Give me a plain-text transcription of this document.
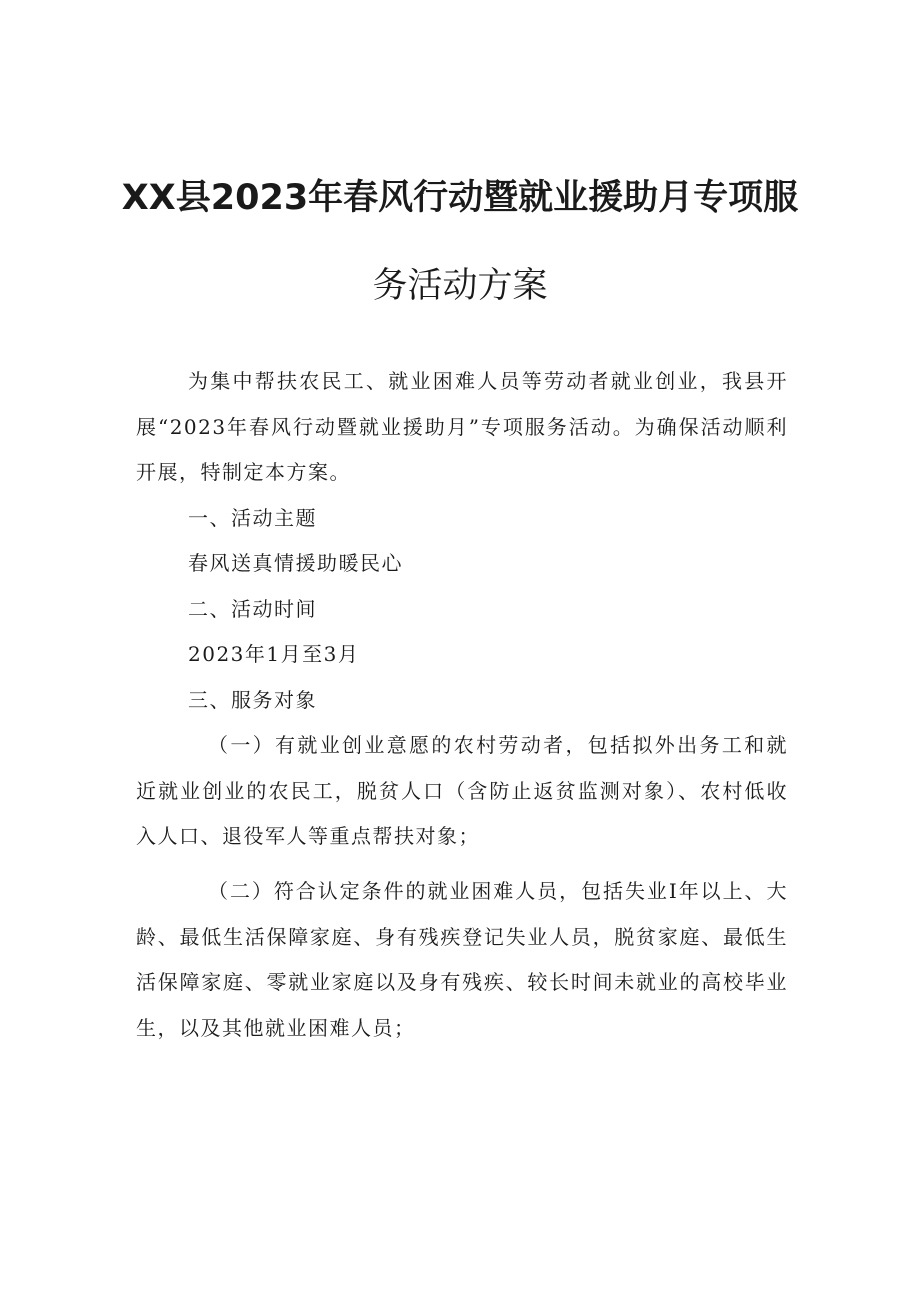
XX县2023年春风行动暨就业援助月专项服
务活动方案

为集中帮扶农民工、就业困难人员等劳动者就业创业，我县开展“2023年春风行动暨就业援助月”专项服务活动。为确保活动顺利开展，特制定本方案。

一、活动主题

春风送真情援助暖民心

二、活动时间

2023年1月至3月

三、服务对象

（一）有就业创业意愿的农村劳动者，包括拟外出务工和就近就业创业的农民工，脱贫人口（含防止返贫监测对象）、农村低收入人口、退役军人等重点帮扶对象；

（二）符合认定条件的就业困难人员，包括失业I年以上、大龄、最低生活保障家庭、身有残疾登记失业人员，脱贫家庭、最低生活保障家庭、零就业家庭以及身有残疾、较长时间未就业的高校毕业生，以及其他就业困难人员；
